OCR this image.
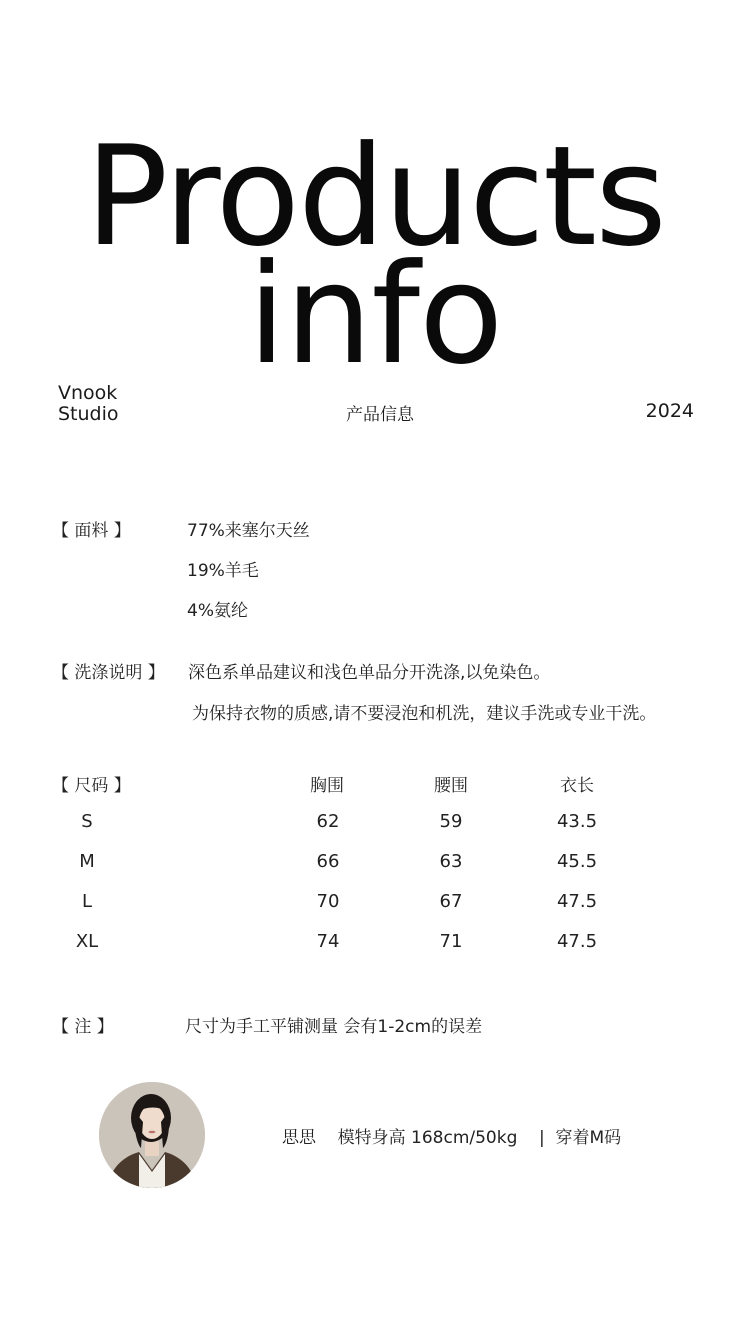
Products
info
Vnook
Studio	产品信息	2024
【 面料 】	77%来塞尔天丝
19%羊毛
4%氨纶
【 洗涤说明 】 深色系单品建议和浅色单品分开洗涤,以免染色。
为保持衣物的质感,请不要浸泡和机洗，建议手洗或专业干洗。
【 尺码 】	胸围	腰围	衣长
S	62	59	43.5
M	66	63	45.5
L	70	67	47.5
XL	74	71	47.5
【 注 】	尺寸为手工平铺测量 会有1-2cm的误差
思思    模特身高 168cm/50kg    |  穿着M码
